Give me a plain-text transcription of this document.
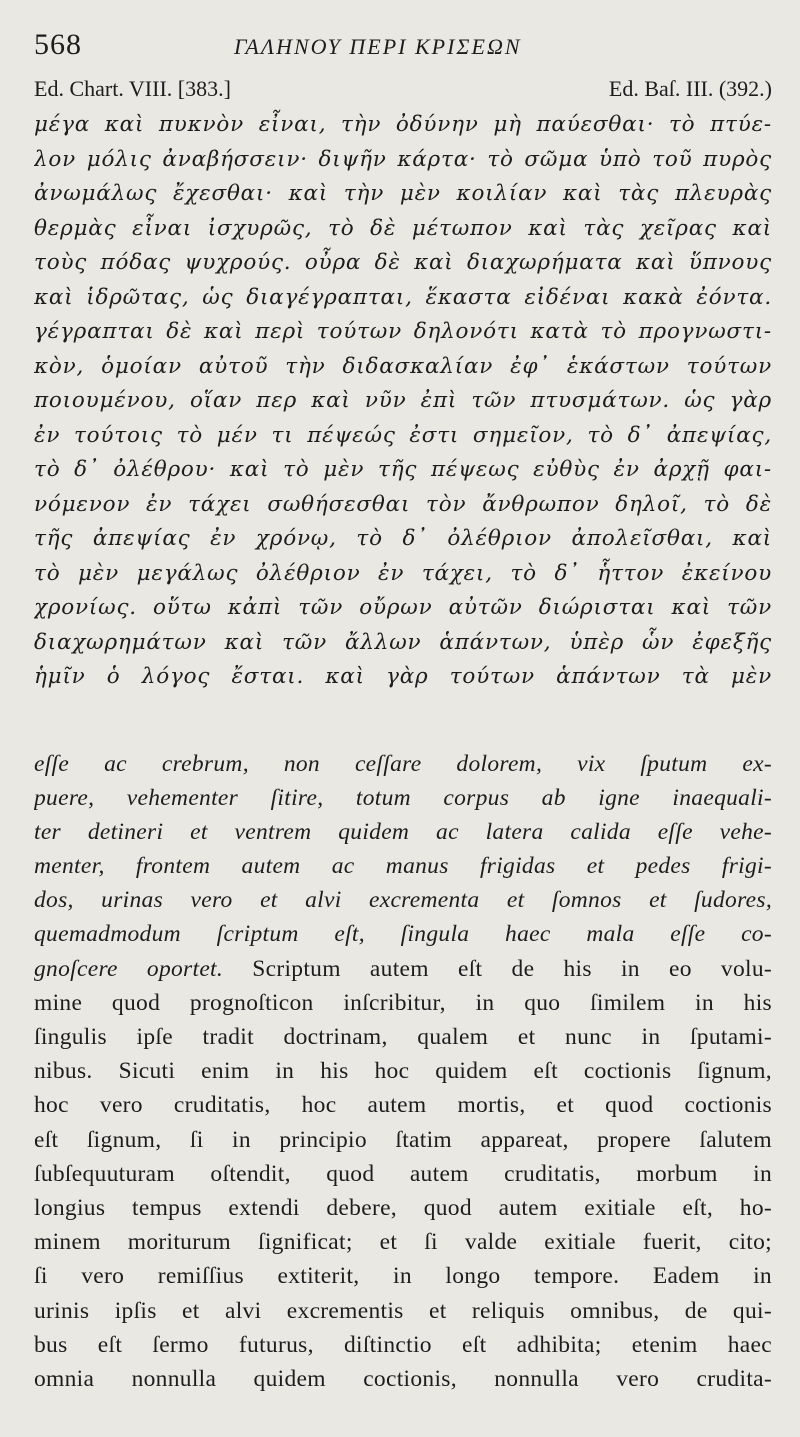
568	ΓΑΛΗΝΟΥ ΠΕΡΙ ΚΡΙΣΕΩΝ
Ed. Chart. VIII. [383.]	Ed. Baſ. III. (392.)
μέγα καὶ πυκνὸν εἶναι, τὴν ὀδύνην μὴ παύεσθαι· τὸ πτύε-
λον μόλις ἀναβήσσειν· διψῆν κάρτα· τὸ σῶμα ὑπὸ τοῦ πυρὸς
ἀνωμάλως ἔχεσθαι· καὶ τὴν μὲν κοιλίαν καὶ τὰς πλευρὰς
θερμὰς εἶναι ἰσχυρῶς, τὸ δὲ μέτωπον καὶ τὰς χεῖρας καὶ
τοὺς πόδας ψυχρούς. οὖρα δὲ καὶ διαχωρήματα καὶ ὕπνους
καὶ ἱδρῶτας, ὡς διαγέγραπται, ἕκαστα εἰδέναι κακὰ ἐόντα.
γέγραπται δὲ καὶ περὶ τούτων δηλονότι κατὰ τὸ προγνωστι-
κὸν, ὁμοίαν αὐτοῦ τὴν διδασκαλίαν ἐφ᾽ ἑκάστων τούτων
ποιουμένου, οἵαν περ καὶ νῦν ἐπὶ τῶν πτυσμάτων. ὡς γὰρ
ἐν τούτοις τὸ μέν τι πέψεώς ἐστι σημεῖον, τὸ δ᾽ ἀπεψίας,
τὸ δ᾽ ὀλέθρου· καὶ τὸ μὲν τῆς πέψεως εὐθὺς ἐν ἀρχῇ φαι-
νόμενον ἐν τάχει σωθήσεσθαι τὸν ἄνθρωπον δηλοῖ, τὸ δὲ
τῆς ἀπεψίας ἐν χρόνῳ, τὸ δ᾽ ὀλέθριον ἀπολεῖσθαι, καὶ
τὸ μὲν μεγάλως ὀλέθριον ἐν τάχει, τὸ δ᾽ ἧττον ἐκείνου
χρονίως. οὕτω κἀπὶ τῶν οὔρων αὐτῶν διώρισται καὶ τῶν
διαχωρημάτων καὶ τῶν ἄλλων ἁπάντων, ὑπὲρ ὧν ἐφεξῆς
ἡμῖν ὁ λόγος ἔσται. καὶ γὰρ τούτων ἁπάντων τὰ μὲν
eſſe ac crebrum, non ceſſare dolorem, vix ſputum ex-
puere, vehementer ſitire, totum corpus ab igne inaequali-
ter detineri et ventrem quidem ac latera calida eſſe vehe-
menter, frontem autem ac manus frigidas et pedes frigi-
dos, urinas vero et alvi excrementa et ſomnos et ſudores,
quemadmodum ſcriptum eſt, ſingula haec mala eſſe co-
gnoſcere oportet. Scriptum autem eſt de his in eo volu-
mine quod prognoſticon inſcribitur, in quo ſimilem in his
ſingulis ipſe tradit doctrinam, qualem et nunc in ſputami-
nibus. Sicuti enim in his hoc quidem eſt coctionis ſignum,
hoc vero cruditatis, hoc autem mortis, et quod coctionis
eſt ſignum, ſi in principio ſtatim appareat, propere ſalutem
ſubſequuturam oſtendit, quod autem cruditatis, morbum in
longius tempus extendi debere, quod autem exitiale eſt, ho-
minem moriturum ſignificat; et ſi valde exitiale fuerit, cito;
ſi vero remiſſius extiterit, in longo tempore. Eadem in
urinis ipſis et alvi excrementis et reliquis omnibus, de qui-
bus eſt ſermo futurus, diſtinctio eſt adhibita; etenim haec
omnia nonnulla quidem coctionis, nonnulla vero crudita-
